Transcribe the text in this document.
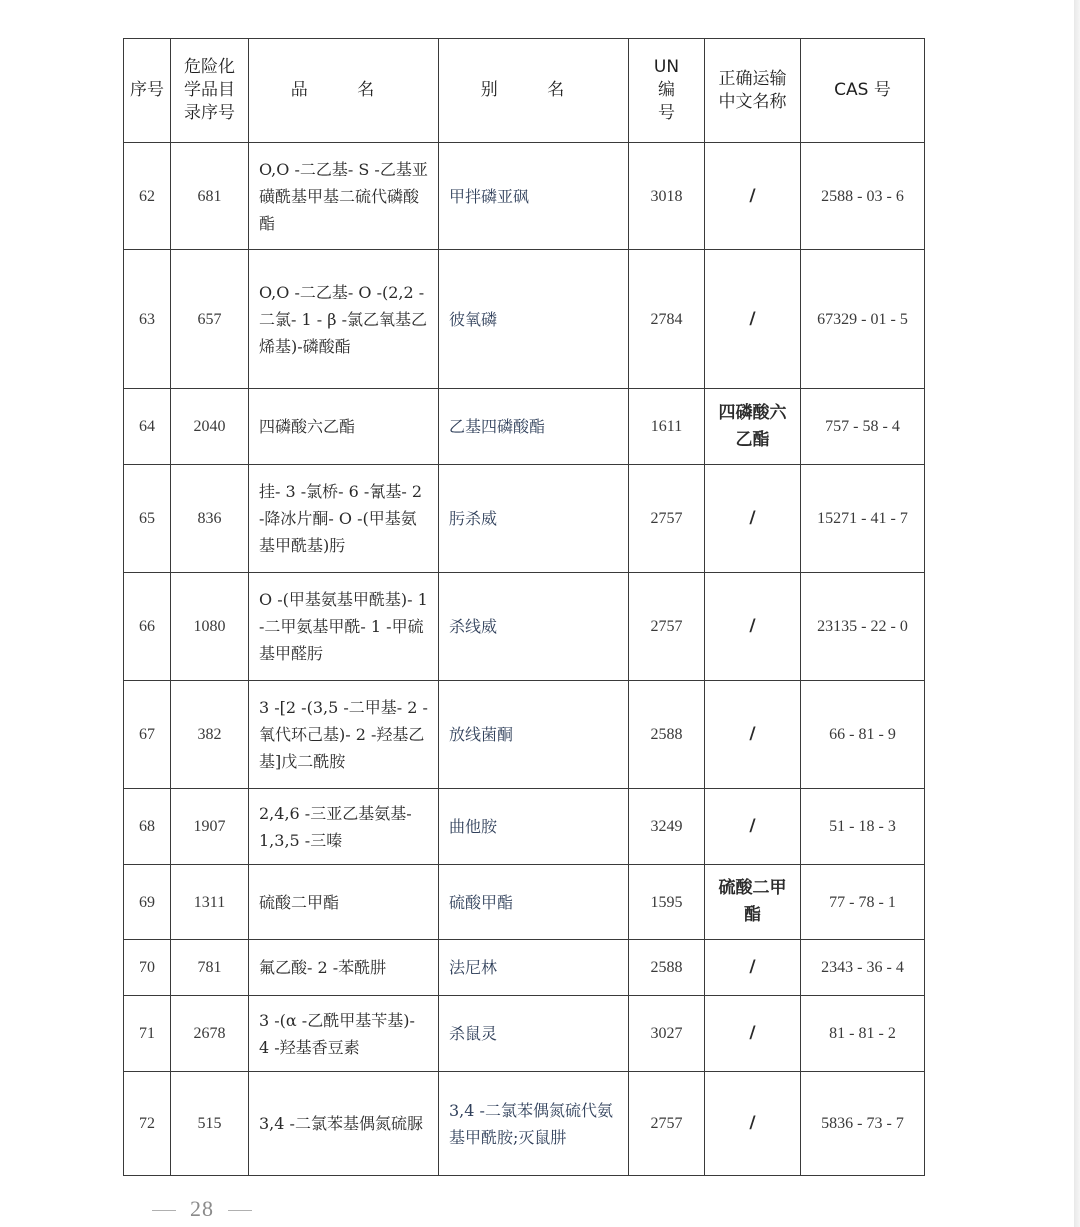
序号	危险化学品目录序号	品 名	别 名	UN编号	正确运输中文名称	CAS 号
62	681	O,O -二乙基- S -乙基亚磺酰基甲基二硫代磷酸酯	甲拌磷亚砜	3018	/	2588 - 03 - 6
63	657	O,O -二乙基- O -(2,2 -二氯- 1 - β -氯乙氧基乙烯基)-磷酸酯	彼氧磷	2784	/	67329 - 01 - 5
64	2040	四磷酸六乙酯	乙基四磷酸酯	1611	四磷酸六乙酯	757 - 58 - 4
65	836	挂- 3 -氯桥- 6 -氰基- 2 -降冰片酮- O -(甲基氨基甲酰基)肟	肟杀威	2757	/	15271 - 41 - 7
66	1080	O -(甲基氨基甲酰基)- 1 -二甲氨基甲酰- 1 -甲硫基甲醛肟	杀线威	2757	/	23135 - 22 - 0
67	382	3 -[2 -(3,5 -二甲基- 2 -氧代环己基)- 2 -羟基乙基]戊二酰胺	放线菌酮	2588	/	66 - 81 - 9
68	1907	2,4,6 -三亚乙基氨基- 1,3,5 -三嗪	曲他胺	3249	/	51 - 18 - 3
69	1311	硫酸二甲酯	硫酸甲酯	1595	硫酸二甲酯	77 - 78 - 1
70	781	氟乙酸- 2 -苯酰肼	法尼林	2588	/	2343 - 36 - 4
71	2678	3 -(α -乙酰甲基苄基)- 4 -羟基香豆素	杀鼠灵	3027	/	81 - 81 - 2
72	515	3,4 -二氯苯基偶氮硫脲	3,4 -二氯苯偶氮硫代氨基甲酰胺;灭鼠肼	2757	/	5836 - 73 - 7
28
